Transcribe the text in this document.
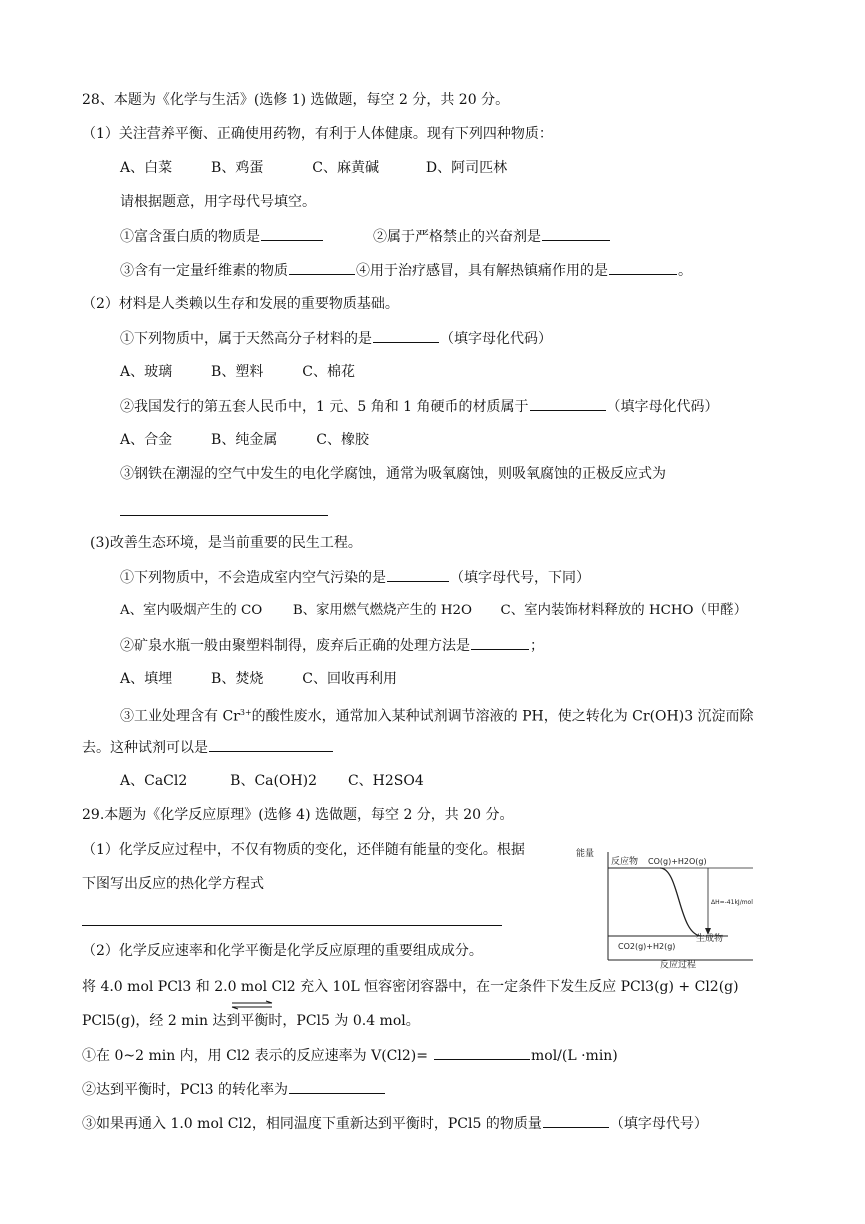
28、本题为《化学与生活》(选修 1) 选做题，每空 2 分，共 20 分。
（1）关注营养平衡、正确使用药物，有利于人体健康。现有下列四种物质：
A、白菜	B、鸡蛋	C、麻黄碱	D、阿司匹林
请根据题意，用字母代号填空。
①富含蛋白质的物质是	②属于严格禁止的兴奋剂是
③含有一定量纤维素的物质	④用于治疗感冒，具有解热镇痛作用的是	。
（2）材料是人类赖以生存和发展的重要物质基础。
①下列物质中，属于天然高分子材料的是	（填字母化代码）
A、玻璃	B、塑料	C、棉花
②我国发行的第五套人民币中，1 元、5 角和 1 角硬币的材质属于	（填字母化代码）
A、合金	B、纯金属	C、橡胶
③钢铁在潮湿的空气中发生的电化学腐蚀，通常为吸氧腐蚀，则吸氧腐蚀的正极反应式为
(3)改善生态环境，是当前重要的民生工程。
①下列物质中，不会造成室内空气污染的是	（填字母代号，下同）
A、室内吸烟产生的 CO B、家用燃气燃烧产生的 H2O C、室内装饰材料释放的 HCHO（甲醛）
②矿泉水瓶一般由聚塑料制得，废弃后正确的处理方法是	；
A、填埋	B、焚烧	C、回收再利用
③工业处理含有 $Cr^{3+}$的酸性废水，通常加入某种试剂调节溶液的 PH，使之转化为 Cr(OH)3 沉淀而除
去。这种试剂可以是
A、CaCl2	B、Ca(OH)2 C、H2SO4
29.本题为《化学反应原理》(选修 4) 选做题，每空 2 分，共 20 分。
（1）化学反应过程中，不仅有物质的变化，还伴随有能量的变化。根据
下图写出反应的热化学方程式
能量
反应过程
反应物 CO(g)+H2O(g)
ΔH=-41kJ/mol
CO2(g)+H2(g)
生成物
（2）化学反应速率和化学平衡是化学反应原理的重要组成成分。
将 4.0 mol PCl3 和 2.0 mol Cl2 充入 10L 恒容密闭容器中，在一定条件下发生反应 PCl3(g) + Cl2(g)
PCl5(g)，经 2 min 达到平衡时，PCl5 为 0.4 mol。
①在 0~2 min 内，用 Cl2 表示的反应速率为 V(Cl2)=	mol/(L ·min)
②达到平衡时，PCl3 的转化率为
③如果再通入 1.0 mol Cl2，相同温度下重新达到平衡时，PCl5 的物质量	（填字母代号）
